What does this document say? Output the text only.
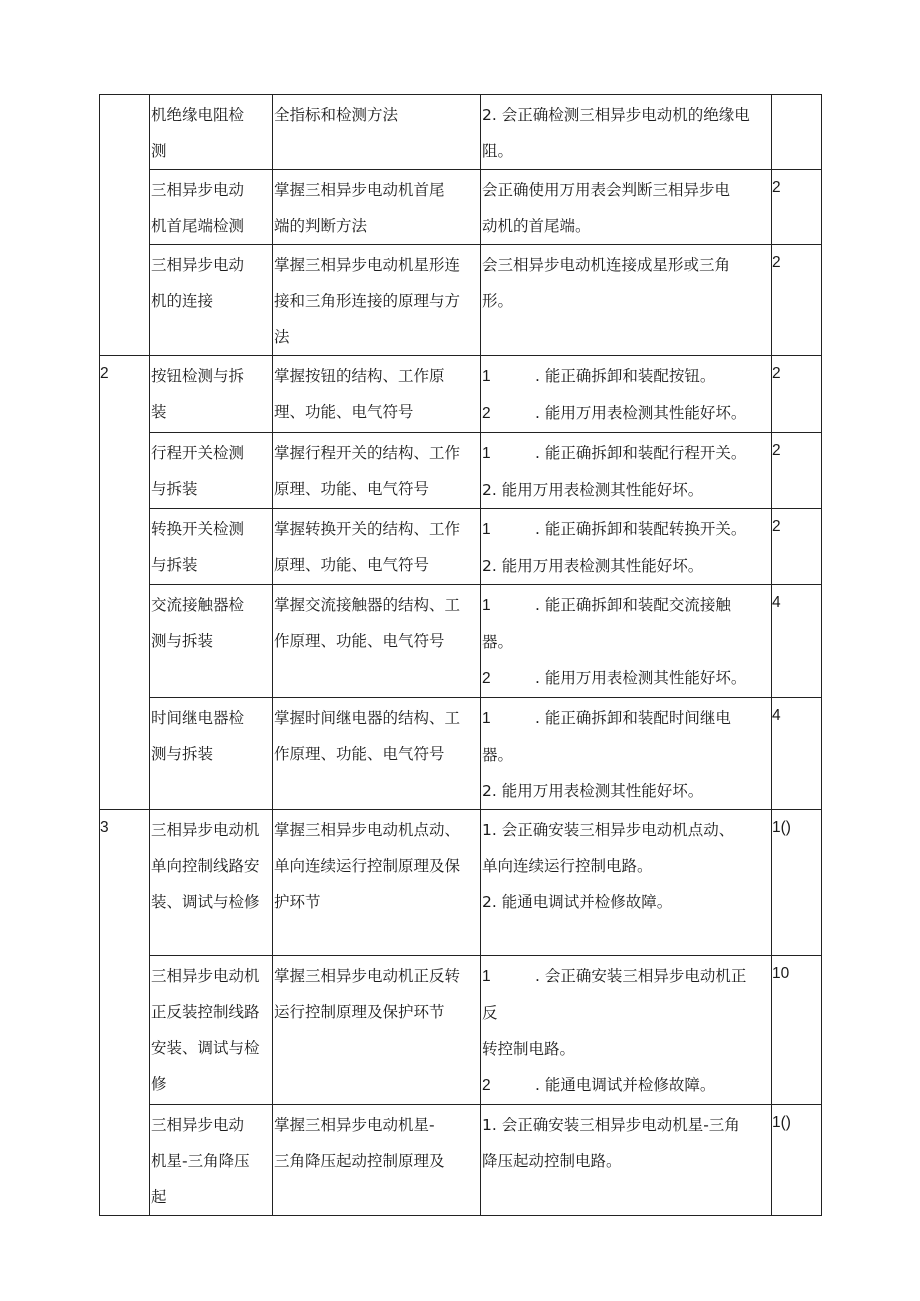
	机绝缘电阻检
测	全指标和检测方法	2. 会正确检测三相异步电动机的绝缘电
阻。	

	三相异步电动
机首尾端检测	掌握三相异步电动机首尾
端的判断方法	会正确使用万用表会判断三相异步电
动机的首尾端。	2

	三相异步电动
机的连接	掌握三相异步电动机星形连
接和三角形连接的原理与方
法	会三相异步电动机连接成星形或三角
形。	2
2	按钮检测与拆
装	掌握按钮的结构、工作原
理、功能、电气符号	1 . 能正确拆卸和装配按钮。
2 . 能用万用表检测其性能好坏。	2

	行程开关检测
与拆装	掌握行程开关的结构、工作
原理、功能、电气符号	1 . 能正确拆卸和装配行程开关。
2. 能用万用表检测其性能好坏。	2

	转换开关检测
与拆装	掌握转换开关的结构、工作
原理、功能、电气符号	1 . 能正确拆卸和装配转换开关。
2. 能用万用表检测其性能好坏。	2

	交流接触器检
测与拆装	掌握交流接触器的结构、工
作原理、功能、电气符号	1 . 能正确拆卸和装配交流接触
器。
2 . 能用万用表检测其性能好坏。	4

	时间继电器检
测与拆装	掌握时间继电器的结构、工
作原理、功能、电气符号	1 . 能正确拆卸和装配时间继电
器。
2. 能用万用表检测其性能好坏。	4
3	三相异步电动机
单向控制线路安
装、调试与检修	掌握三相异步电动机点动、
单向连续运行控制原理及保
护环节	1. 会正确安装三相异步电动机点动、
单向连续运行控制电路。
2. 能通电调试并检修故障。	1()

	三相异步电动机
正反装控制线路
安装、调试与检
修	掌握三相异步电动机正反转
运行控制原理及保护环节	1 . 会正确安装三相异步电动机正
反
转控制电路。
2 . 能通电调试并检修故障。	10

	三相异步电动
机星-三角降压
起	掌握三相异步电动机星-
三角降压起动控制原理及	1. 会正确安装三相异步电动机星-三角
降压起动控制电路。	1()
